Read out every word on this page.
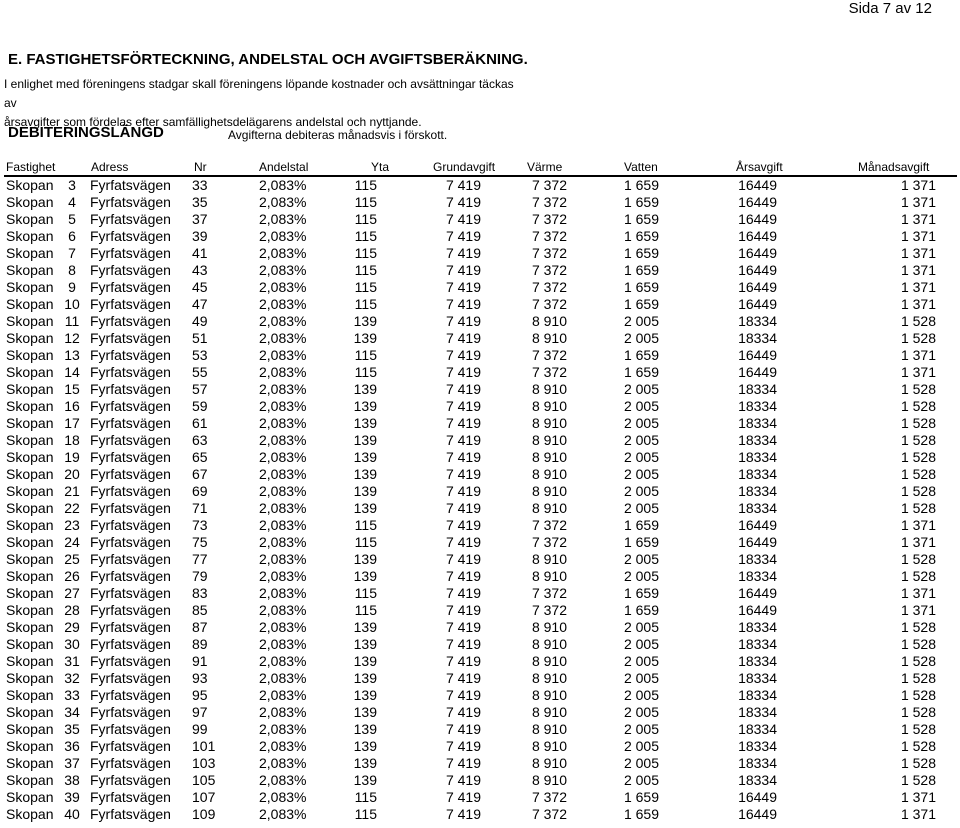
Sida 7 av 12
E. FASTIGHETSFÖRTECKNING, ANDELSTAL OCH AVGIFTSBERÄKNING.
I enlighet med föreningens stadgar skall föreningens löpande kostnader och avsättningar täckas av
årsavgifter som fördelas efter samfällighetsdelägarens andelstal och nyttjande.
DEBITERINGSLÄNGD	Avgifterna debiteras månadsvis i förskott.
Fastighet	Adress	Nr	Andelstal	Yta	Grundavgift	Värme	Vatten	Årsavgift	Månadsavgift
Skopan	3	Fyrfatsvägen 33	2,083%	115	7 419	7 372	1 659	16449	1 371
Skopan	4	Fyrfatsvägen 35	2,083%	115	7 419	7 372	1 659	16449	1 371
Skopan	5	Fyrfatsvägen 37	2,083%	115	7 419	7 372	1 659	16449	1 371
Skopan	6	Fyrfatsvägen 39	2,083%	115	7 419	7 372	1 659	16449	1 371
Skopan	7	Fyrfatsvägen 41	2,083%	115	7 419	7 372	1 659	16449	1 371
Skopan	8	Fyrfatsvägen 43	2,083%	115	7 419	7 372	1 659	16449	1 371
Skopan	9	Fyrfatsvägen 45	2,083%	115	7 419	7 372	1 659	16449	1 371
Skopan 10 Fyrfatsvägen 47	2,083%	115	7 419	7 372	1 659	16449	1 371
Skopan 11 Fyrfatsvägen 49	2,083%	139	7 419	8 910	2 005	18334	1 528
Skopan 12 Fyrfatsvägen 51	2,083%	139	7 419	8 910	2 005	18334	1 528
Skopan 13 Fyrfatsvägen 53	2,083%	115	7 419	7 372	1 659	16449	1 371
Skopan 14 Fyrfatsvägen 55	2,083%	115	7 419	7 372	1 659	16449	1 371
Skopan 15 Fyrfatsvägen 57	2,083%	139	7 419	8 910	2 005	18334	1 528
Skopan 16 Fyrfatsvägen 59	2,083%	139	7 419	8 910	2 005	18334	1 528
Skopan 17 Fyrfatsvägen 61	2,083%	139	7 419	8 910	2 005	18334	1 528
Skopan 18 Fyrfatsvägen 63	2,083%	139	7 419	8 910	2 005	18334	1 528
Skopan 19 Fyrfatsvägen 65	2,083%	139	7 419	8 910	2 005	18334	1 528
Skopan 20 Fyrfatsvägen 67	2,083%	139	7 419	8 910	2 005	18334	1 528
Skopan 21 Fyrfatsvägen 69	2,083%	139	7 419	8 910	2 005	18334	1 528
Skopan 22 Fyrfatsvägen 71	2,083%	139	7 419	8 910	2 005	18334	1 528
Skopan 23 Fyrfatsvägen 73	2,083%	115	7 419	7 372	1 659	16449	1 371
Skopan 24 Fyrfatsvägen 75	2,083%	115	7 419	7 372	1 659	16449	1 371
Skopan 25 Fyrfatsvägen 77	2,083%	139	7 419	8 910	2 005	18334	1 528
Skopan 26 Fyrfatsvägen 79	2,083%	139	7 419	8 910	2 005	18334	1 528
Skopan 27 Fyrfatsvägen 83	2,083%	115	7 419	7 372	1 659	16449	1 371
Skopan 28 Fyrfatsvägen 85	2,083%	115	7 419	7 372	1 659	16449	1 371
Skopan 29 Fyrfatsvägen 87	2,083%	139	7 419	8 910	2 005	18334	1 528
Skopan 30 Fyrfatsvägen 89	2,083%	139	7 419	8 910	2 005	18334	1 528
Skopan 31 Fyrfatsvägen 91	2,083%	139	7 419	8 910	2 005	18334	1 528
Skopan 32 Fyrfatsvägen 93	2,083%	139	7 419	8 910	2 005	18334	1 528
Skopan 33 Fyrfatsvägen 95	2,083%	139	7 419	8 910	2 005	18334	1 528
Skopan 34 Fyrfatsvägen 97	2,083%	139	7 419	8 910	2 005	18334	1 528
Skopan 35 Fyrfatsvägen 99	2,083%	139	7 419	8 910	2 005	18334	1 528
Skopan 36 Fyrfatsvägen 101	2,083%	139	7 419	8 910	2 005	18334	1 528
Skopan 37 Fyrfatsvägen 103	2,083%	139	7 419	8 910	2 005	18334	1 528
Skopan 38 Fyrfatsvägen 105	2,083%	139	7 419	8 910	2 005	18334	1 528
Skopan 39 Fyrfatsvägen 107	2,083%	115	7 419	7 372	1 659	16449	1 371
Skopan 40 Fyrfatsvägen 109	2,083%	115	7 419	7 372	1 659	16449	1 371
